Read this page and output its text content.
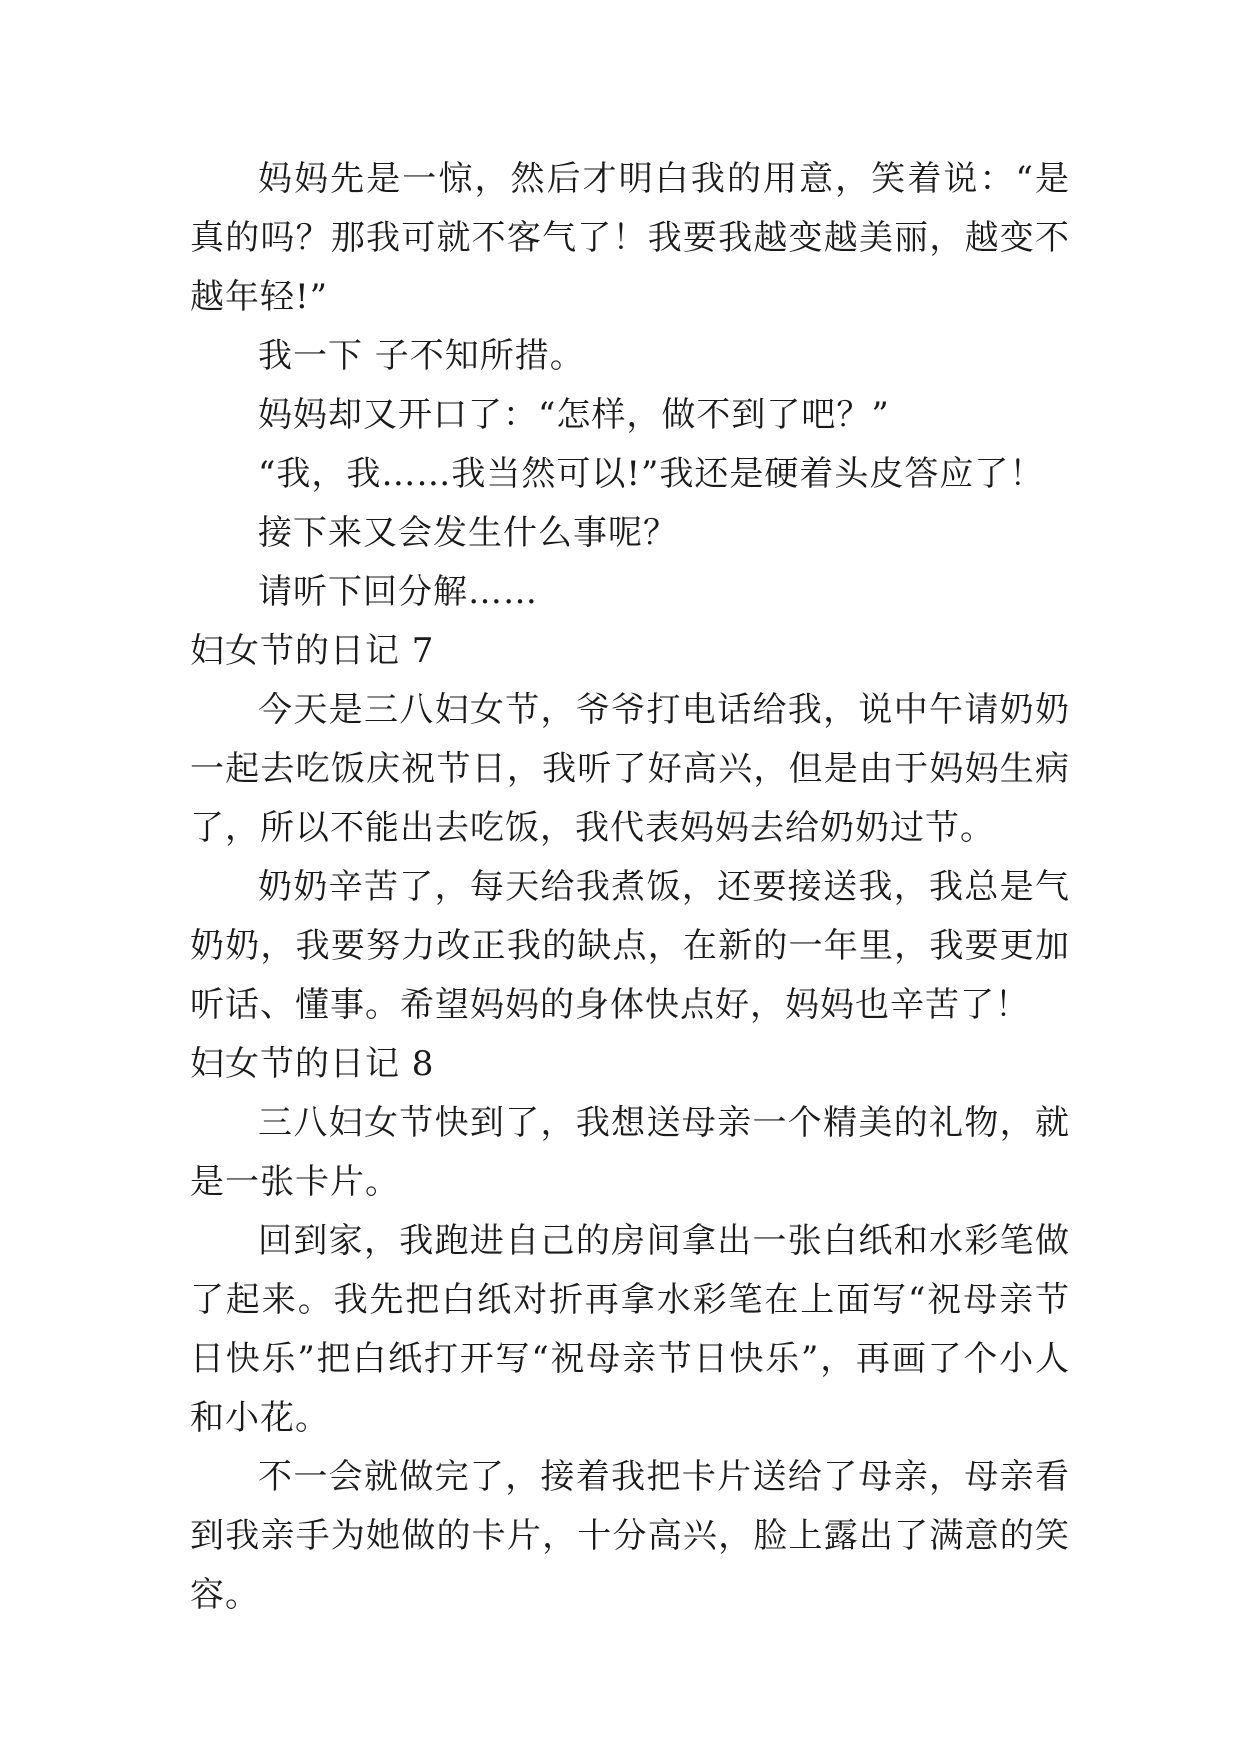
妈妈先是一惊，然后才明白我的用意，笑着说：“是真的吗？那我可就不客气了！我要我越变越美丽，越变不越年轻!”

我一下 子不知所措。

妈妈却又开口了：“怎样，做不到了吧？”

“我，我……我当然可以!”我还是硬着头皮答应了！

接下来又会发生什么事呢？

请听下回分解……

妇女节的日记 7

今天是三八妇女节，爷爷打电话给我，说中午请奶奶一起去吃饭庆祝节日，我听了好高兴，但是由于妈妈生病了，所以不能出去吃饭，我代表妈妈去给奶奶过节。

奶奶辛苦了，每天给我煮饭，还要接送我，我总是气奶奶，我要努力改正我的缺点，在新的一年里，我要更加听话、懂事。希望妈妈的身体快点好，妈妈也辛苦了！

妇女节的日记 8

三八妇女节快到了，我想送母亲一个精美的礼物，就是一张卡片。

回到家，我跑进自己的房间拿出一张白纸和水彩笔做了起来。我先把白纸对折再拿水彩笔在上面写“祝母亲节日快乐”把白纸打开写“祝母亲节日快乐”，再画了个小人和小花。

不一会就做完了，接着我把卡片送给了母亲，母亲看到我亲手为她做的卡片，十分高兴，脸上露出了满意的笑容。
